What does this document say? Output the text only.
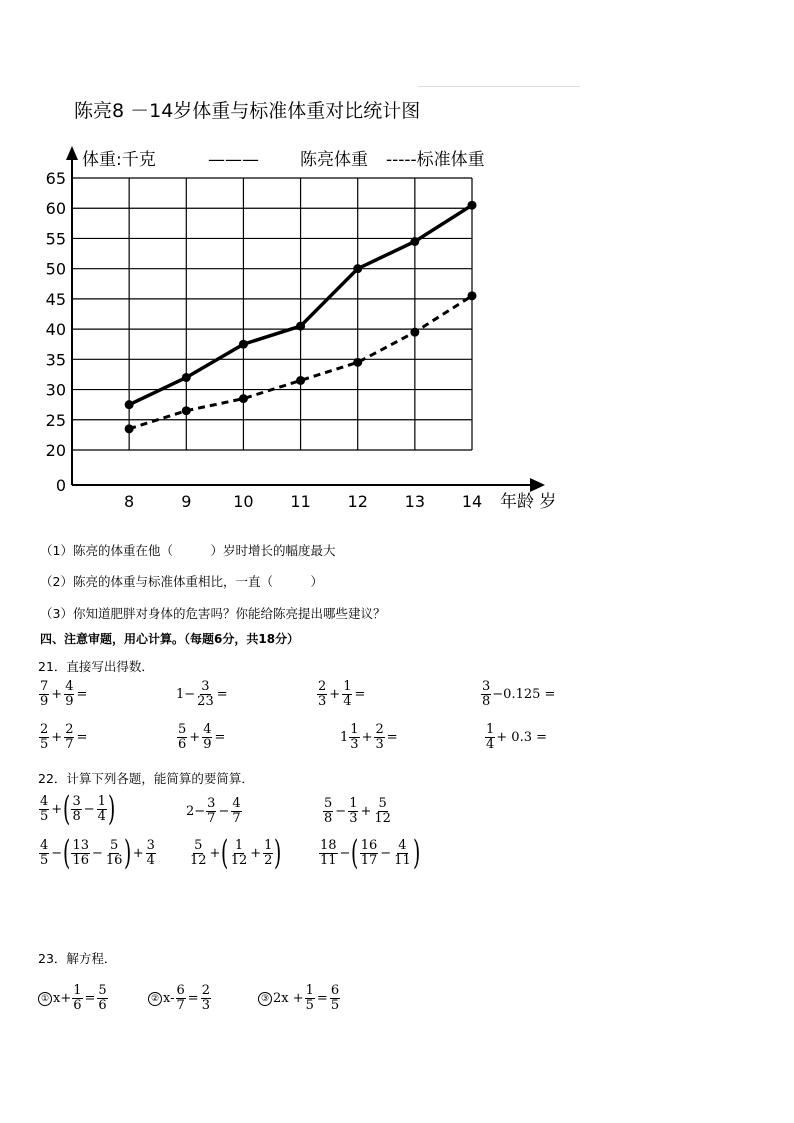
陈亮8 －14岁体重与标准体重对比统计图
0
20
25
30
35
40
45
50
55
60
65
8	9	10 11 12 13 14 年龄 岁
体重:千克	——— 陈亮体重 -----标准体重
（1）陈亮的体重在他（　　　）岁时增长的幅度最大
（2）陈亮的体重与标准体重相比，一直（　　　）
（3）你知道肥胖对身体的危害吗？你能给陈亮提出哪些建议？
四、注意审题，用心计算。（每题6分，共18分）
21．直接写出得数．
$\frac{7}{9} + \frac{4}{9}$ =	$1- \frac{3}{23}$ =	$\frac{2}{3} + \frac{1}{4}$ =	$\frac{3}{8} -0.125$ =
$\frac{2}{5} + \frac{2}{7}$ =	$\frac{5}{6} + \frac{4}{9}$ =	$1 \frac{1}{3} + \frac{2}{3}$ =	$\frac{1}{4} + 0.3$ =
22．计算下列各题，能简算的要简算．
$\frac{4}{5}$ + ( $\frac{3}{8} - \frac{1}{4}$ )	$2- \frac{3}{7} - \frac{4}{7}$	$\frac{5}{8} - \frac{1}{3} + \frac{5}{12}$
$\frac{4}{5}$ − ( $\frac{13}{16} - \frac{5}{16}$ ) + $\frac{3}{4}$	$\frac{5}{12}$ + ( $\frac{1}{12} + \frac{1}{2}$ )	$\frac{18}{11}$ − ( $\frac{16}{17} - \frac{4}{11}$ )
23．解方程．
① $x+ \frac{1}{6} = \frac{5}{6}$	② $x- \frac{6}{7} = \frac{2}{3}$	③ $2x + \frac{1}{5} = \frac{6}{5}$
